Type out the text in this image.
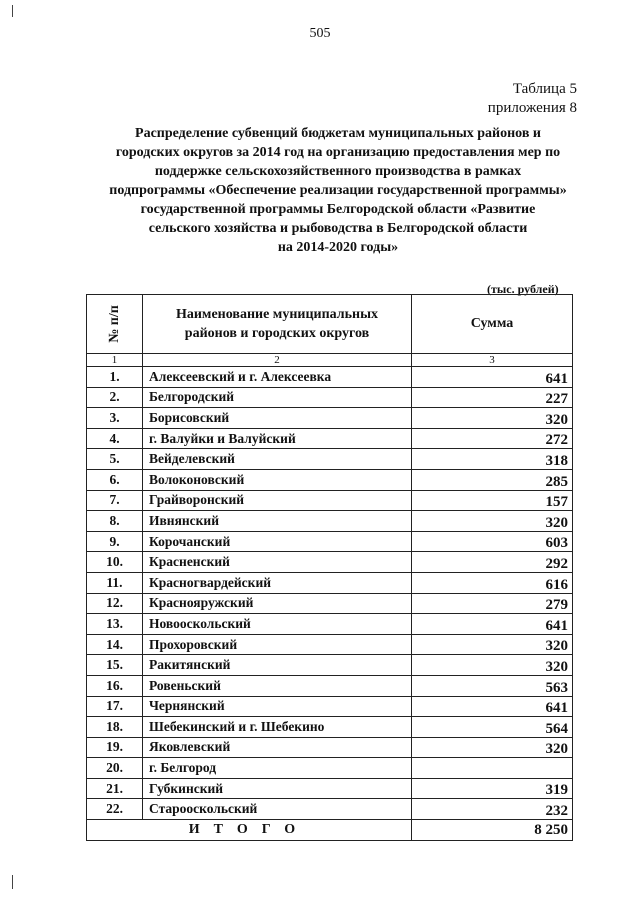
505
Таблица 5
приложения 8
Распределение субвенций бюджетам муниципальных районов и
городских округов за 2014 год на организацию предоставления мер по
поддержке сельскохозяйственного производства в рамках
подпрограммы «Обеспечение реализации государственной программы»
государственной программы Белгородской области «Развитие
сельского хозяйства и рыбоводства в Белгородской области
на 2014-2020 годы»
(тыс. рублей)
№ п/п	Наименование муниципальных
районов и городских округов	Сумма
1	2	3
1.	Алексеевский и г. Алексеевка	641
2.	Белгородский	227
3.	Борисовский	320
4.	г. Валуйки и Валуйский	272
5.	Вейделевский	318
6.	Волоконовский	285
7.	Грайворонский	157
8.	Ивнянский	320
9.	Корочанский	603
10.	Красненский	292
11.	Красногвардейский	616
12.	Краснояружский	279
13.	Новооскольский	641
14.	Прохоровский	320
15.	Ракитянский	320
16.	Ровеньский	563
17.	Чернянский	641
18.	Шебекинский и г. Шебекино	564
19.	Яковлевский	320
20.	г. Белгород	
21.	Губкинский	319
22.	Старооскольский	232
ИТОГО		8 250
